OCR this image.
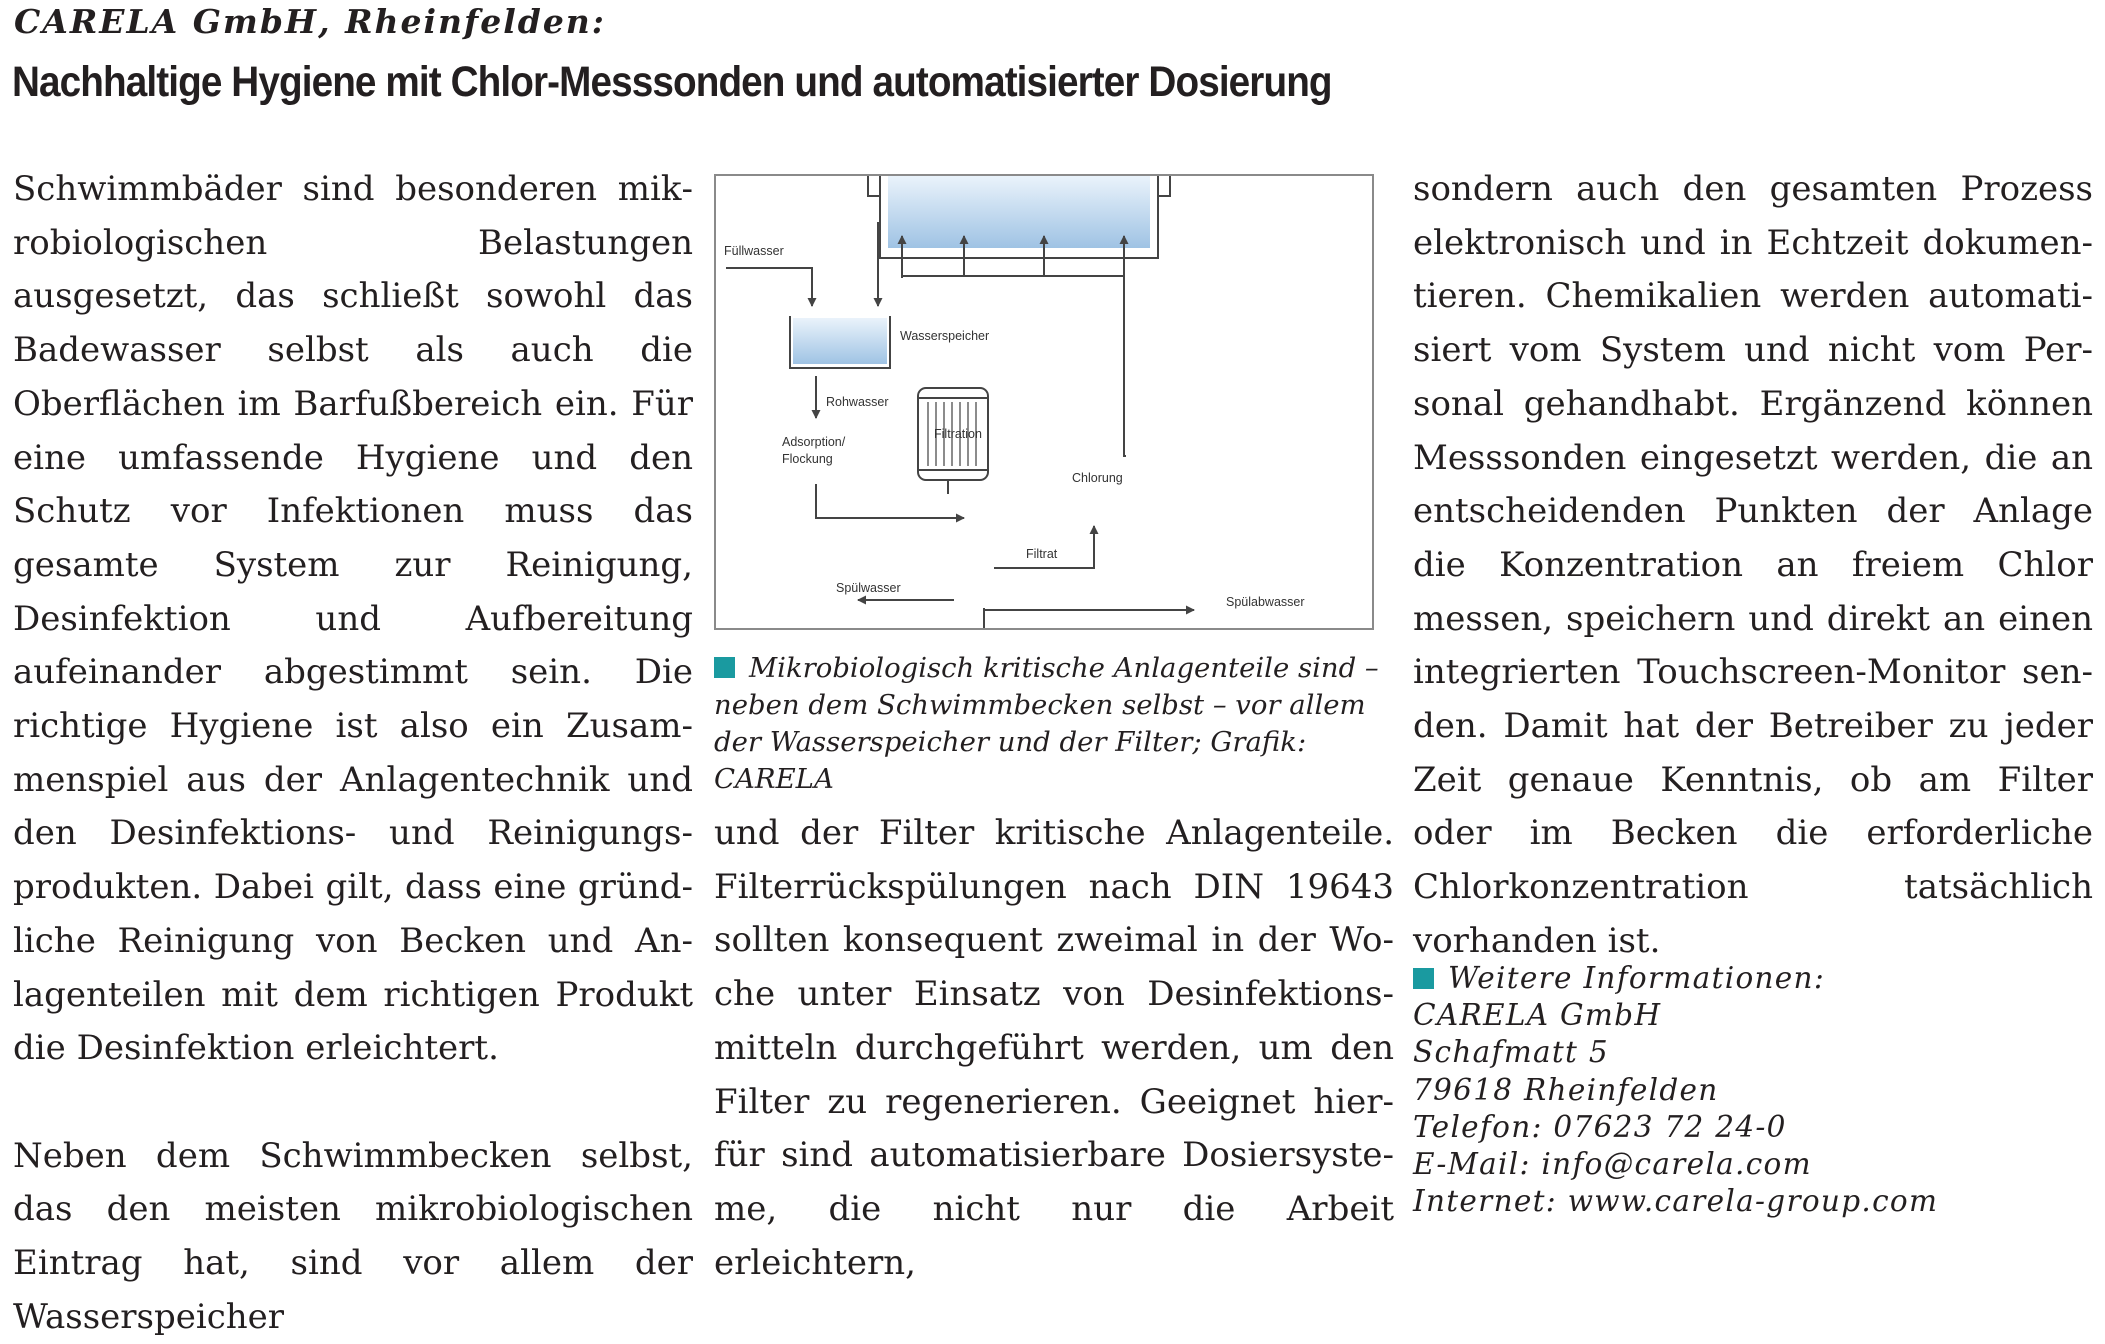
CARELA GmbH, Rheinfelden:
Nachhaltige Hygiene mit Chlor-Messsonden und automatisierter Dosierung

Schwimmbäder sind besonderen mikrobiologischen Belastungen ausgesetzt, das schließt sowohl das Badewasser selbst als auch die Oberflächen im Barfußbereich ein. Für eine umfassende Hygiene und den Schutz vor Infektionen muss das gesamte System zur Reinigung, Desinfektion und Aufbereitung aufeinander abgestimmt sein. Die richtige Hygiene ist also ein Zusammenspiel aus der Anlagentechnik und den Desinfektions- und Reinigungsprodukten. Dabei gilt, dass eine gründliche Reinigung von Becken und Anlagenteilen mit dem richtigen Produkt die Desinfektion erleichtert.

Neben dem Schwimmbecken selbst, das den meisten mikrobiologischen Eintrag hat, sind vor allem der Wasserspeicher

Füllwasser
Wasserspeicher
Rohwasser
Adsorption/
Flockung
Filtration
Chlorung
Filtrat
Spülwasser
Spülabwasser

Mikrobiologisch kritische Anlagenteile sind – neben dem Schwimmbecken selbst – vor allem der Wasserspeicher und der Filter; Grafik: CARELA

und der Filter kritische Anlagenteile. Filterrückspülungen nach DIN 19643 sollten konsequent zweimal in der Woche unter Einsatz von Desinfektionsmitteln durchgeführt werden, um den Filter zu regenerieren. Geeignet hierfür sind automatisierbare Dosiersysteme, die nicht nur die Arbeit erleichtern,

sondern auch den gesamten Prozess elektronisch und in Echtzeit dokumentieren. Chemikalien werden automatisiert vom System und nicht vom Personal gehandhabt. Ergänzend können Messsonden eingesetzt werden, die an entscheidenden Punkten der Anlage die Konzentration an freiem Chlor messen, speichern und direkt an einen integrierten Touchscreen-Monitor senden. Damit hat der Betreiber zu jeder Zeit genaue Kenntnis, ob am Filter oder im Becken die erforderliche Chlorkonzentration tatsächlich vorhanden ist.

Weitere Informationen:
CARELA GmbH
Schafmatt 5
79618 Rheinfelden
Telefon: 07623 72 24-0
E-Mail: info@carela.com
Internet: www.carela-group.com
